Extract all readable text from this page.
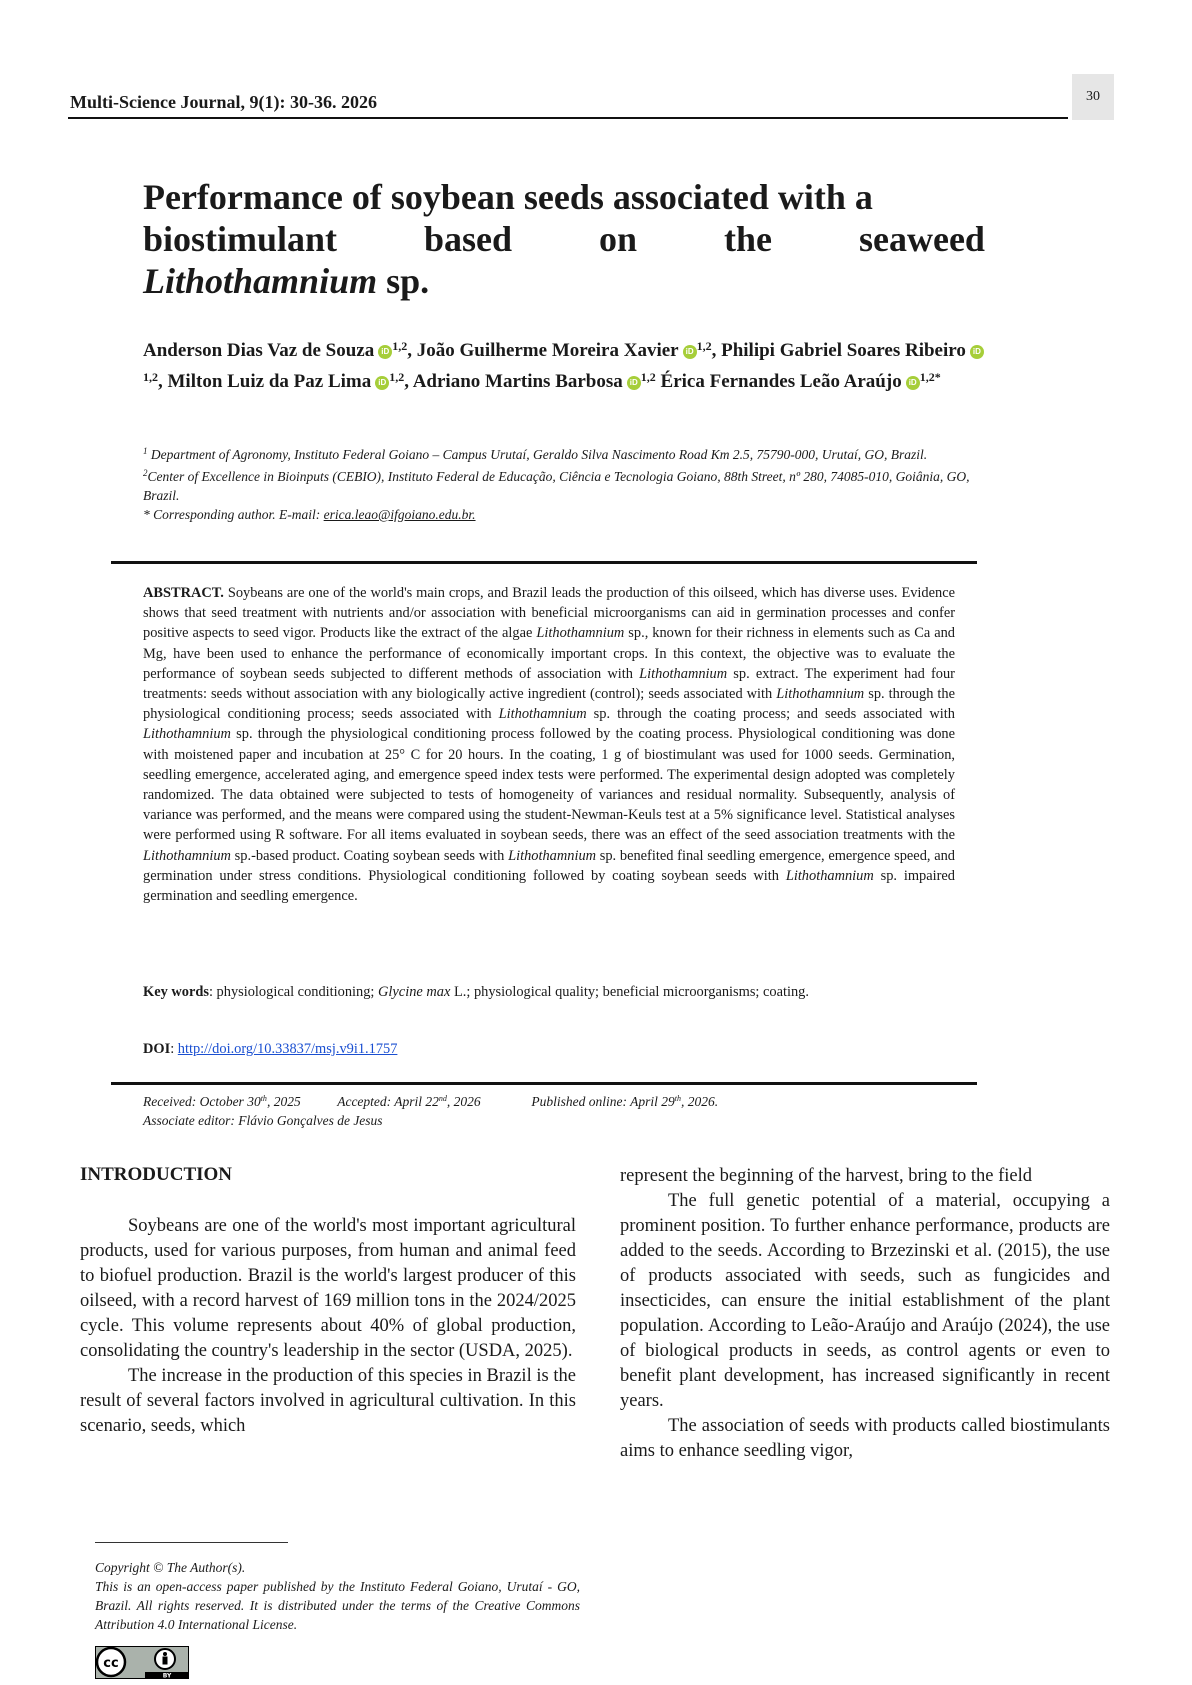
Multi-Science Journal, 9(1): 30-36. 2026	30
Performance of soybean seeds associated with a
biostimulant based on the seaweed
Lithothamnium sp.
Anderson Dias Vaz de Souza iD $^{1,2}$, João Guilherme Moreira Xavier iD $^{1,2}$, Philipi Gabriel Soares Ribeiro iD$^{1,2}$, Milton Luiz da Paz Lima iD $^{1,2}$, Adriano Martins Barbosa iD $^{1,2}$ Érica Fernandes Leão Araújo iD $^{1,2*}$
$^1$ Department of Agronomy, Instituto Federal Goiano – Campus Urutaí, Geraldo Silva Nascimento Road Km 2.5, 75790-000, Urutaí, GO, Brazil.
$^2$Center of Excellence in Bioinputs (CEBIO), Instituto Federal de Educação, Ciência e Tecnologia Goiano, 88th Street, nº 280, 74085-010, Goiânia, GO, Brazil.
* Corresponding author. E-mail: erica.leao@ifgoiano.edu.br.
ABSTRACT. Soybeans are one of the world's main crops, and Brazil leads the production of this oilseed, which has diverse uses. Evidence shows that seed treatment with nutrients and/or association with beneficial microorganisms can aid in germination processes and confer positive aspects to seed vigor. Products like the extract of the algae Lithothamnium sp., known for their richness in elements such as Ca and Mg, have been used to enhance the performance of economically important crops. In this context, the objective was to evaluate the performance of soybean seeds subjected to different methods of association with Lithothamnium sp. extract. The experiment had four treatments: seeds without association with any biologically active ingredient (control); seeds associated with Lithothamnium sp. through the physiological conditioning process; seeds associated with Lithothamnium sp. through the coating process; and seeds associated with Lithothamnium sp. through the physiological conditioning process followed by the coating process. Physiological conditioning was done with moistened paper and incubation at 25° C for 20 hours. In the coating, 1 g of biostimulant was used for 1000 seeds. Germination, seedling emergence, accelerated aging, and emergence speed index tests were performed. The experimental design adopted was completely randomized. The data obtained were subjected to tests of homogeneity of variances and residual normality. Subsequently, analysis of variance was performed, and the means were compared using the student-Newman-Keuls test at a 5% significance level. Statistical analyses were performed using R software. For all items evaluated in soybean seeds, there was an effect of the seed association treatments with the Lithothamnium sp.-based product. Coating soybean seeds with Lithothamnium sp. benefited final seedling emergence, emergence speed, and germination under stress conditions. Physiological conditioning followed by coating soybean seeds with Lithothamnium sp. impaired germination and seedling emergence.
Key words: physiological conditioning; Glycine max L.; physiological quality; beneficial microorganisms; coating.
DOI: http://doi.org/10.33837/msj.v9i1.1757
Received: October 30th, 2025	Accepted: April 22nd, 2026	Published online: April 29th, 2026.
Associate editor: Flávio Gonçalves de Jesus
INTRODUCTION

Soybeans are one of the world's most important agricultural products, used for various purposes, from human and animal feed to biofuel production. Brazil is the world's largest producer of this oilseed, with a record harvest of 169 million tons in the 2024/2025 cycle. This volume represents about 40% of global production, consolidating the country's leadership in the sector (USDA, 2025).

The increase in the production of this species in Brazil is the result of several factors involved in agricultural cultivation. In this scenario, seeds, which

represent the beginning of the harvest, bring to the field

The full genetic potential of a material, occupying a prominent position. To further enhance performance, products are added to the seeds. According to Brzezinski et al. (2015), the use of products associated with seeds, such as fungicides and insecticides, can ensure the initial establishment of the plant population. According to Leão-Araújo and Araújo (2024), the use of biological products in seeds, as control agents or even to benefit plant development, has increased significantly in recent years.

The association of seeds with products called biostimulants aims to enhance seedling vigor,

Copyright © The Author(s).
This is an open-access paper published by the Instituto Federal Goiano, Urutaí - GO, Brazil. All rights reserved. It is distributed under the terms of the Creative Commons Attribution 4.0 International License.
cc
BY
